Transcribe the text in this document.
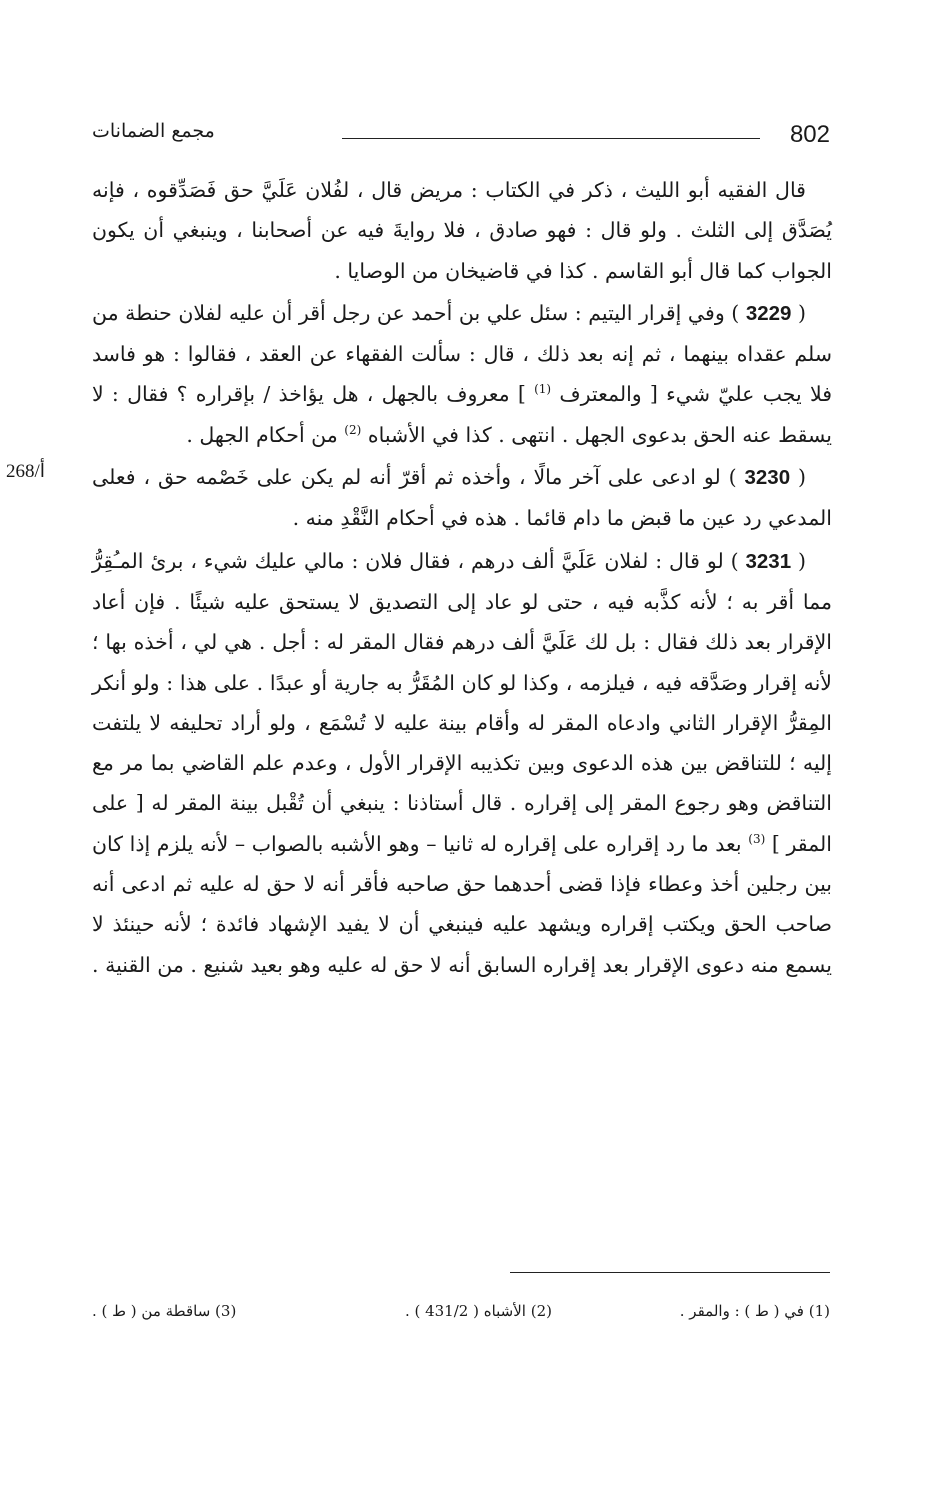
802
مجمع الضمانات
268/أ

قال الفقيه أبو الليث ، ذكر في الكتاب : مريض قال ، لفُلان عَلَيَّ حق فَصَدِّقوه ، فإنه يُصَدَّق إلى الثلث . ولو قال : فهو صادق ، فلا روايةَ فيه عن أصحابنا ، وينبغي أن يكون الجواب كما قال أبو القاسم . كذا في قاضيخان من الوصايا .

( 3229 ) وفي إقرار اليتيم : سئل علي بن أحمد عن رجل أقر أن عليه لفلان حنطة من سلم عقداه بينهما ، ثم إنه بعد ذلك ، قال : سألت الفقهاء عن العقد ، فقالوا : هو فاسد فلا يجب عليّ شيء [ والمعترف $^{(1)}$ ] معروف بالجهل ، هل يؤاخذ / بإقراره ؟ فقال : لا يسقط عنه الحق بدعوى الجهل . انتهى . كذا في الأشباه $^{(2)}$ من أحكام الجهل .

( 3230 ) لو ادعى على آخر مالًا ، وأخذه ثم أقرّ أنه لم يكن على خَصْمه حق ، فعلى المدعي رد عين ما قبض ما دام قائما . هذه في أحكام النَّقْدِ منه .

( 3231 ) لو قال : لفلان عَلَيَّ ألف درهم ، فقال فلان : مالي عليك شيء ، برئ المـُقِرُّ مما أقر به ؛ لأنه كذَّبه فيه ، حتى لو عاد إلى التصديق لا يستحق عليه شيئًا . فإن أعاد الإقرار بعد ذلك فقال : بل لك عَلَيَّ ألف درهم فقال المقر له : أجل . هي لي ، أخذه بها ؛ لأنه إقرار وصَدَّقه فيه ، فيلزمه ، وكذا لو كان المُقَرُّ به جارية أو عبدًا . على هذا : ولو أنكر المِقرُّ الإقرار الثاني وادعاه المقر له وأقام بينة عليه لا تُسْمَع ، ولو أراد تحليفه لا يلتفت إليه ؛ للتناقض بين هذه الدعوى وبين تكذيبه الإقرار الأول ، وعدم علم القاضي بما مر مع التناقض وهو رجوع المقر إلى إقراره . قال أستاذنا : ينبغي أن تُقْبل بينة المقر له [ على المقر ] $^{(3)}$ بعد ما رد إقراره على إقراره له ثانيا – وهو الأشبه بالصواب – لأنه يلزم إذا كان بين رجلين أخذ وعطاء فإذا قضى أحدهما حق صاحبه فأقر أنه لا حق له عليه ثم ادعى أنه صاحب الحق ويكتب إقراره ويشهد عليه فينبغي أن لا يفيد الإشهاد فائدة ؛ لأنه حينئذ لا يسمع منه دعوى الإقرار بعد إقراره السابق أنه لا حق له عليه وهو بعيد شنيع . من القنية .

(1) في ( ط ) : والمقر .
(2) الأشباه ( 431/2 ) .
(3) ساقطة من ( ط ) .
